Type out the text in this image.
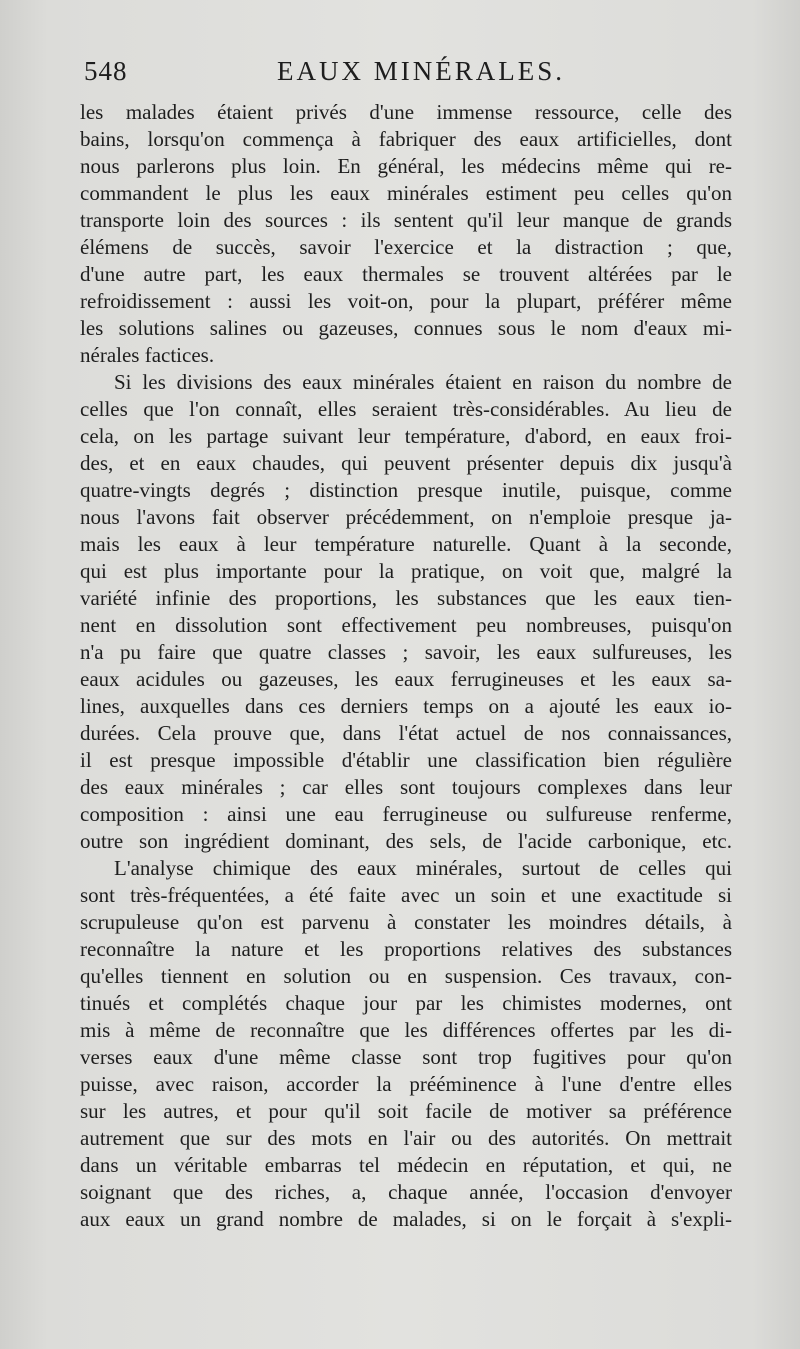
548	EAUX MINÉRALES.
les malades étaient privés d'une immense ressource, celle des
bains, lorsqu'on commença à fabriquer des eaux artificielles, dont
nous parlerons plus loin. En général, les médecins même qui re-
commandent le plus les eaux minérales estiment peu celles qu'on
transporte loin des sources : ils sentent qu'il leur manque de grands
élémens de succès, savoir l'exercice et la distraction ; que,
d'une autre part, les eaux thermales se trouvent altérées par le
refroidissement : aussi les voit-on, pour la plupart, préférer même
les solutions salines ou gazeuses, connues sous le nom d'eaux mi-
nérales factices.
Si les divisions des eaux minérales étaient en raison du nombre de
celles que l'on connaît, elles seraient très-considérables. Au lieu de
cela, on les partage suivant leur température, d'abord, en eaux froi-
des, et en eaux chaudes, qui peuvent présenter depuis dix jusqu'à
quatre-vingts degrés ; distinction presque inutile, puisque, comme
nous l'avons fait observer précédemment, on n'emploie presque ja-
mais les eaux à leur température naturelle. Quant à la seconde,
qui est plus importante pour la pratique, on voit que, malgré la
variété infinie des proportions, les substances que les eaux tien-
nent en dissolution sont effectivement peu nombreuses, puisqu'on
n'a pu faire que quatre classes ; savoir, les eaux sulfureuses, les
eaux acidules ou gazeuses, les eaux ferrugineuses et les eaux sa-
lines, auxquelles dans ces derniers temps on a ajouté les eaux io-
durées. Cela prouve que, dans l'état actuel de nos connaissances,
il est presque impossible d'établir une classification bien régulière
des eaux minérales ; car elles sont toujours complexes dans leur
composition : ainsi une eau ferrugineuse ou sulfureuse renferme,
outre son ingrédient dominant, des sels, de l'acide carbonique, etc.
L'analyse chimique des eaux minérales, surtout de celles qui
sont très-fréquentées, a été faite avec un soin et une exactitude si
scrupuleuse qu'on est parvenu à constater les moindres détails, à
reconnaître la nature et les proportions relatives des substances
qu'elles tiennent en solution ou en suspension. Ces travaux, con-
tinués et complétés chaque jour par les chimistes modernes, ont
mis à même de reconnaître que les différences offertes par les di-
verses eaux d'une même classe sont trop fugitives pour qu'on
puisse, avec raison, accorder la prééminence à l'une d'entre elles
sur les autres, et pour qu'il soit facile de motiver sa préférence
autrement que sur des mots en l'air ou des autorités. On mettrait
dans un véritable embarras tel médecin en réputation, et qui, ne
soignant que des riches, a, chaque année, l'occasion d'envoyer
aux eaux un grand nombre de malades, si on le forçait à s'expli-
